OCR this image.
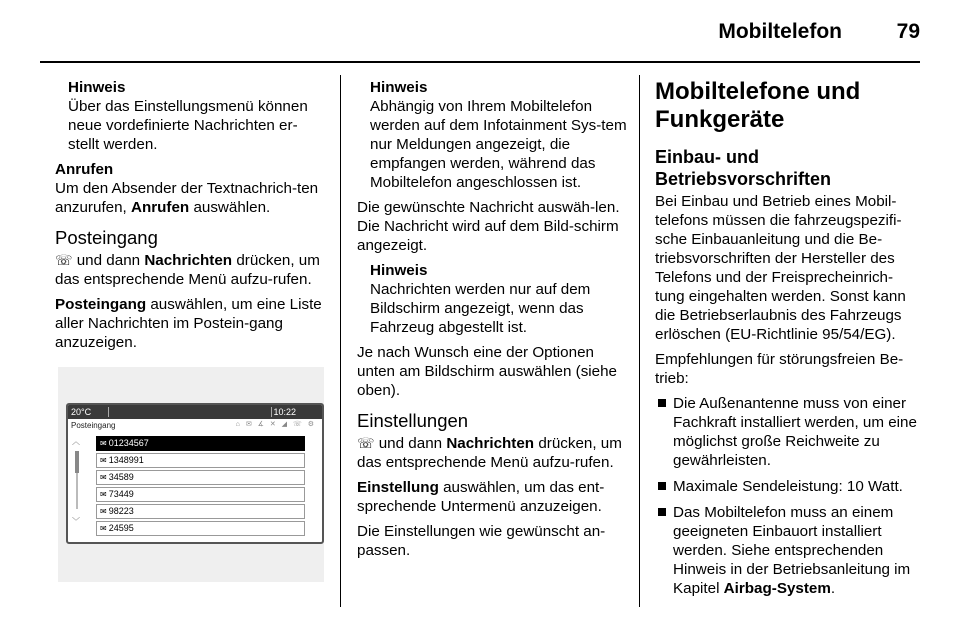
Mobiltelefon	79
Hinweis
Über das Einstellungsmenü können neue vordefinierte Nachrichten er-stellt werden.

Anrufen
Um den Absender der Textnachrich-ten anzurufen, Anrufen auswählen.

Posteingang

☏ und dann Nachrichten drücken, um das entsprechende Menü aufzu-rufen.

Posteingang auswählen, um eine Liste aller Nachrichten im Postein-gang anzuzeigen.

20°C	10:22
Posteingang	⌂ ✉ ∡ ✕ ◢ ☏ ⚙
︿
﹀
✉ 01234567
✉ 1348991
✉ 34589
✉ 73449
✉ 98223
✉ 24595
Hinweis
Abhängig von Ihrem Mobiltelefon werden auf dem Infotainment Sys-tem nur Meldungen angezeigt, die empfangen werden, während das Mobiltelefon angeschlossen ist.

Die gewünschte Nachricht auswäh-len. Die Nachricht wird auf dem Bild-schirm angezeigt.

Hinweis
Nachrichten werden nur auf dem Bildschirm angezeigt, wenn das Fahrzeug abgestellt ist.

Je nach Wunsch eine der Optionen unten am Bildschirm auswählen (siehe oben).

Einstellungen

☏ und dann Nachrichten drücken, um das entsprechende Menü aufzu-rufen.

Einstellung auswählen, um das ent-sprechende Untermenü anzuzeigen.

Die Einstellungen wie gewünscht an-passen.

Mobiltelefone und Funkgeräte
Einbau- und Betriebsvorschriften

Bei Einbau und Betrieb eines Mobil-telefons müssen die fahrzeugspezifi-sche Einbauanleitung und die Be-triebsvorschriften der Hersteller des Telefons und der Freisprecheinrich-tung eingehalten werden. Sonst kann die Betriebserlaubnis des Fahrzeugs erlöschen (EU-Richtlinie 95/54/EG).

Empfehlungen für störungsfreien Be-trieb:

Die Außenantenne muss von einer Fachkraft installiert werden, um eine möglichst große Reichweite zu gewährleisten.
Maximale Sendeleistung: 10 Watt.
Das Mobiltelefon muss an einem geeigneten Einbauort installiert werden. Siehe entsprechenden Hinweis in der Betriebsanleitung im Kapitel Airbag-System.
